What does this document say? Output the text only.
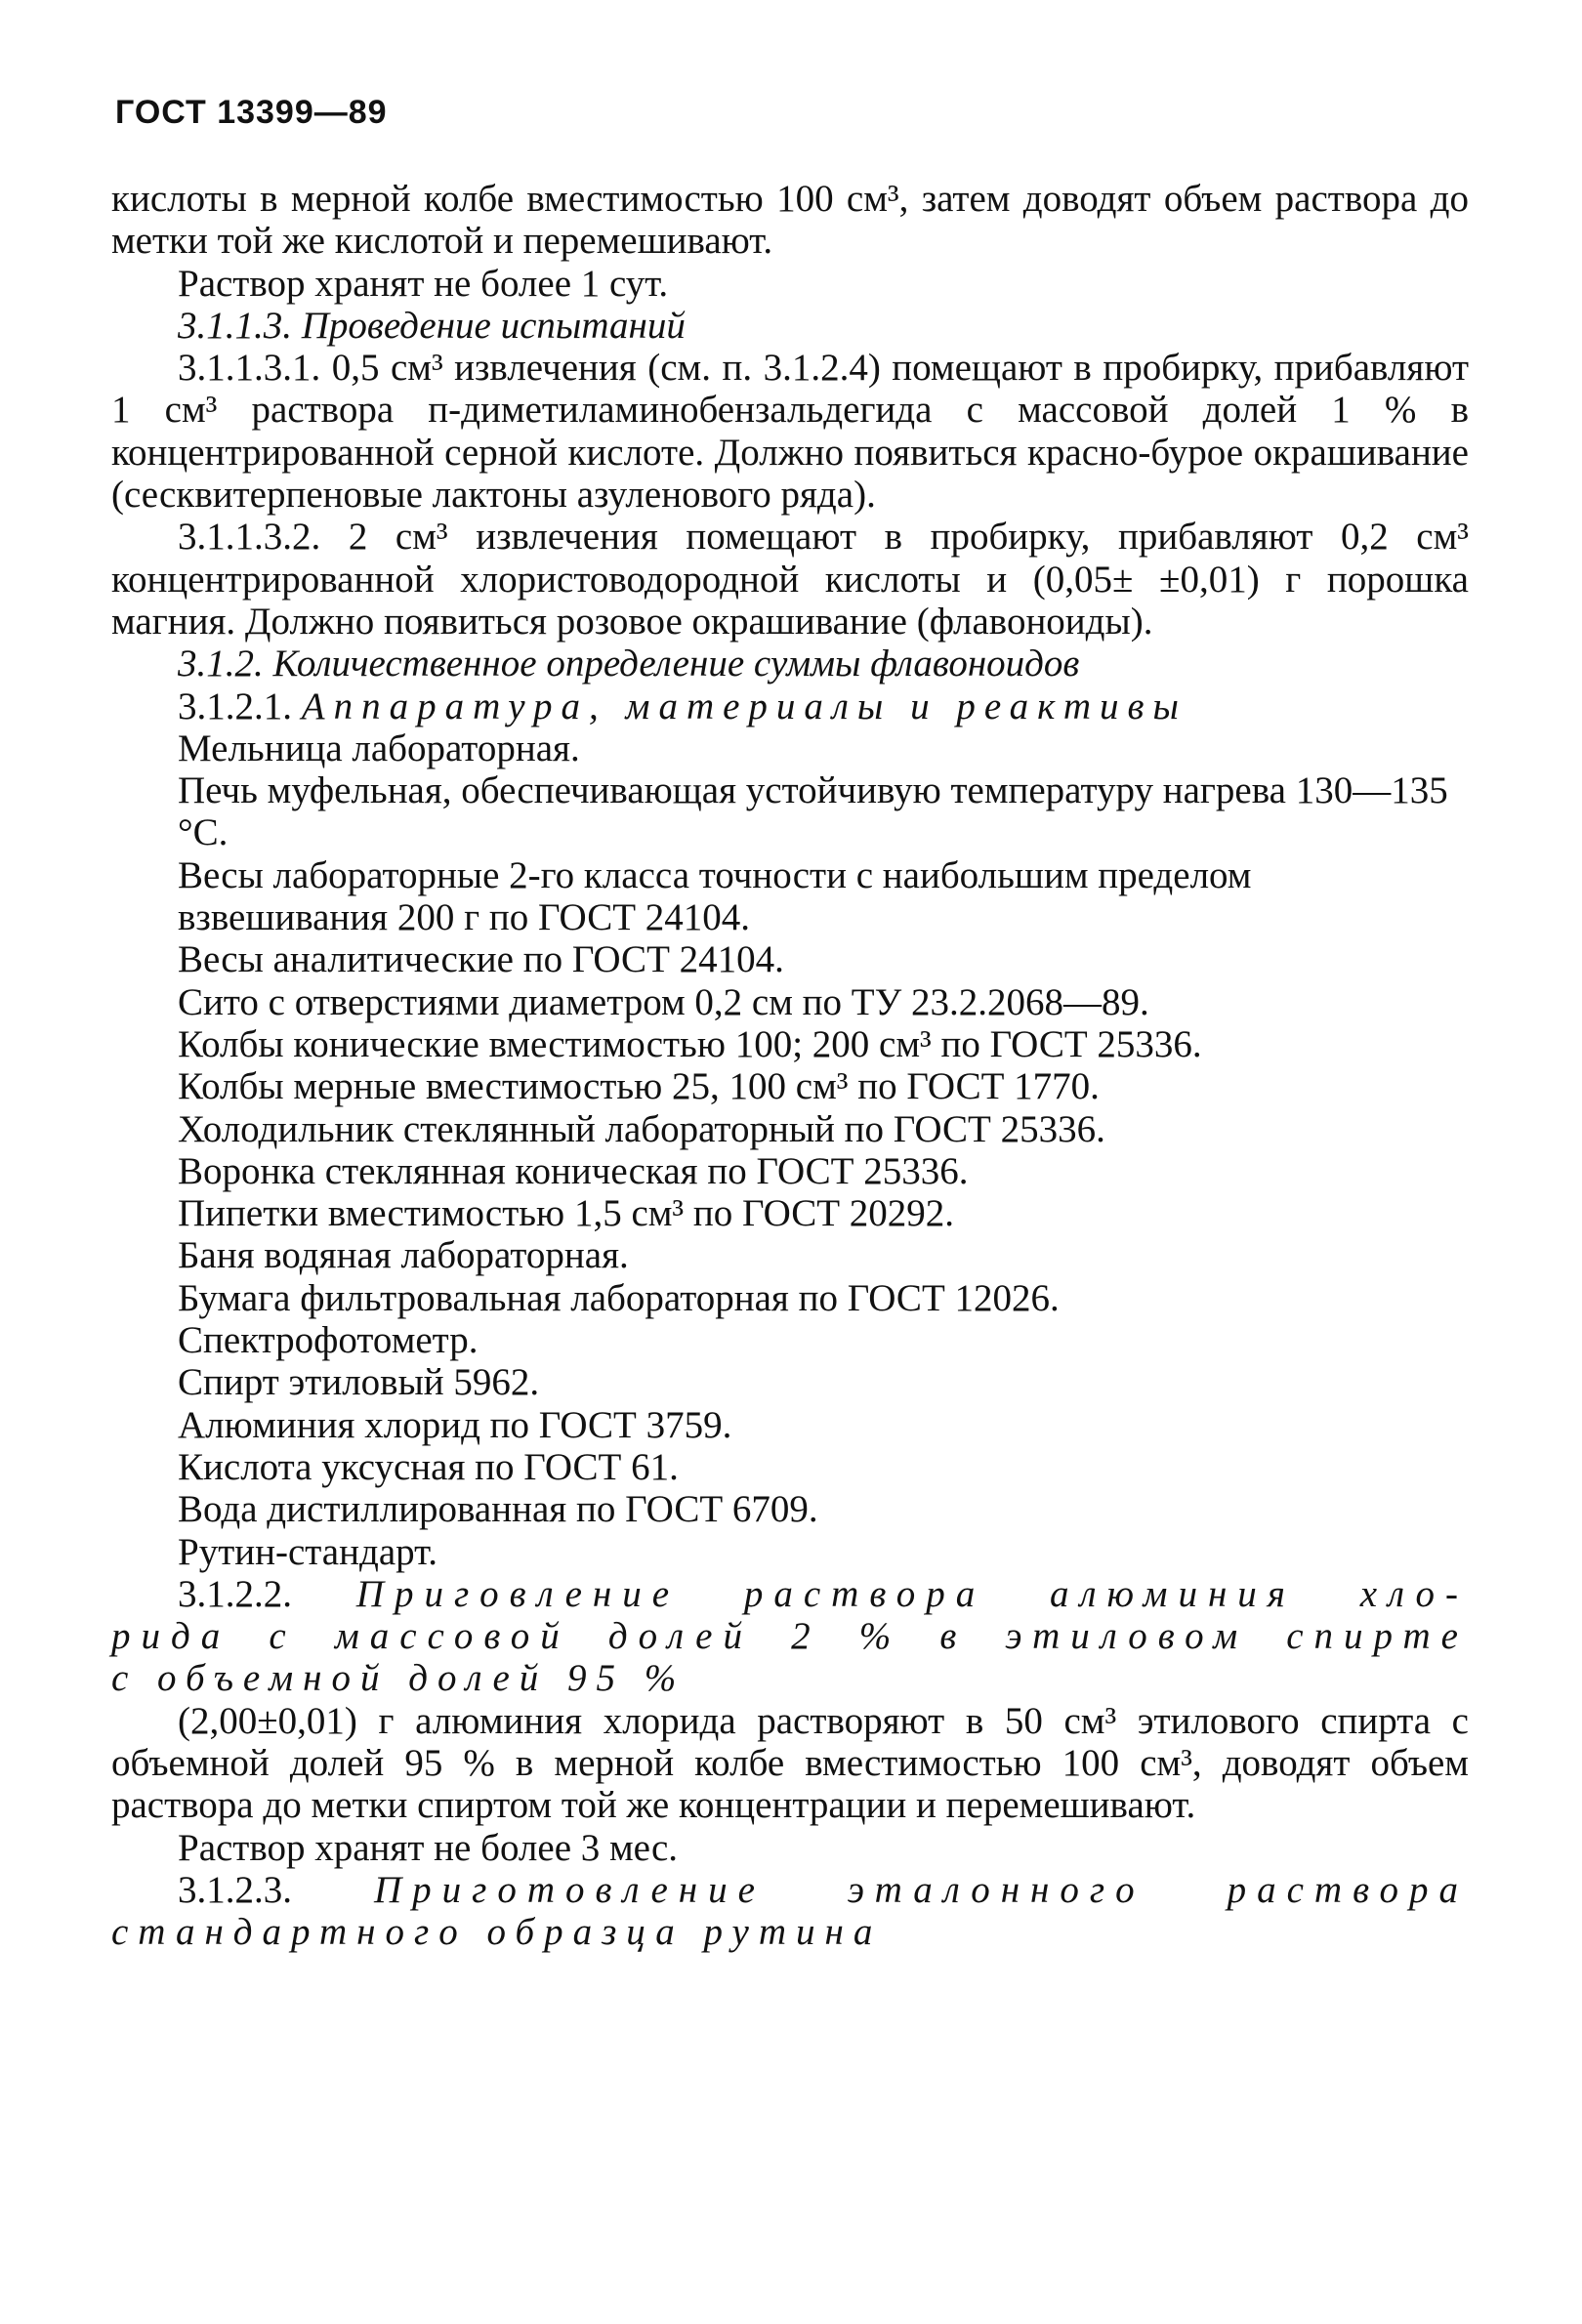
ГОСТ 13399—89

кислоты в мерной колбе вместимостью 100 см³, затем доводят объем раствора до метки той же кислотой и перемешивают.

Раствор хранят не более 1 сут.

3.1.1.3. Проведение испытаний

3.1.1.3.1. 0,5 см³ извлечения (см. п. 3.1.2.4) помещают в пробирку, прибавляют 1 см³ раствора п-диметиламинобензальдегида с массовой долей 1 % в концентрированной серной кислоте. Должно появиться красно-бурое окрашивание (сесквитерпеновые лактоны азуленового ряда).

3.1.1.3.2. 2 см³ извлечения помещают в пробирку, прибавляют 0,2 см³ концентрированной хлористоводородной кислоты и (0,05± ±0,01) г порошка магния. Должно появиться розовое окрашивание (флавоноиды).

3.1.2. Количественное определение суммы флавоноидов

3.1.2.1. Аппаратура, материалы и реактивы

Мельница лабораторная.

Печь муфельная, обеспечивающая устойчивую температуру нагрева 130—135 °С.

Весы лабораторные 2-го класса точности с наибольшим пределом взвешивания 200 г по ГОСТ 24104.

Весы аналитические по ГОСТ 24104.

Сито с отверстиями диаметром 0,2 см по ТУ 23.2.2068—89.

Колбы конические вместимостью 100; 200 см³ по ГОСТ 25336.

Колбы мерные вместимостью 25, 100 см³ по ГОСТ 1770.

Холодильник стеклянный лабораторный по ГОСТ 25336.

Воронка стеклянная коническая по ГОСТ 25336.

Пипетки вместимостью 1,5 см³ по ГОСТ 20292.

Баня водяная лабораторная.

Бумага фильтровальная лабораторная по ГОСТ 12026.

Спектрофотометр.

Спирт этиловый 5962.

Алюминия хлорид по ГОСТ 3759.

Кислота уксусная по ГОСТ 61.

Вода дистиллированная по ГОСТ 6709.

Рутин-стандарт.

3.1.2.2. Приговление раствора алюминия хло-

рида с массовой долей 2 % в этиловом спирте

с объемной долей 95 %

(2,00±0,01) г алюминия хлорида растворяют в 50 см³ этилового спирта с объемной долей 95 % в мерной колбе вместимостью 100 см³, доводят объем раствора до метки спиртом той же концентрации и перемешивают.

Раствор хранят не более 3 мес.

3.1.2.3. Приготовление эталонного раствора

стандартного образца рутина
